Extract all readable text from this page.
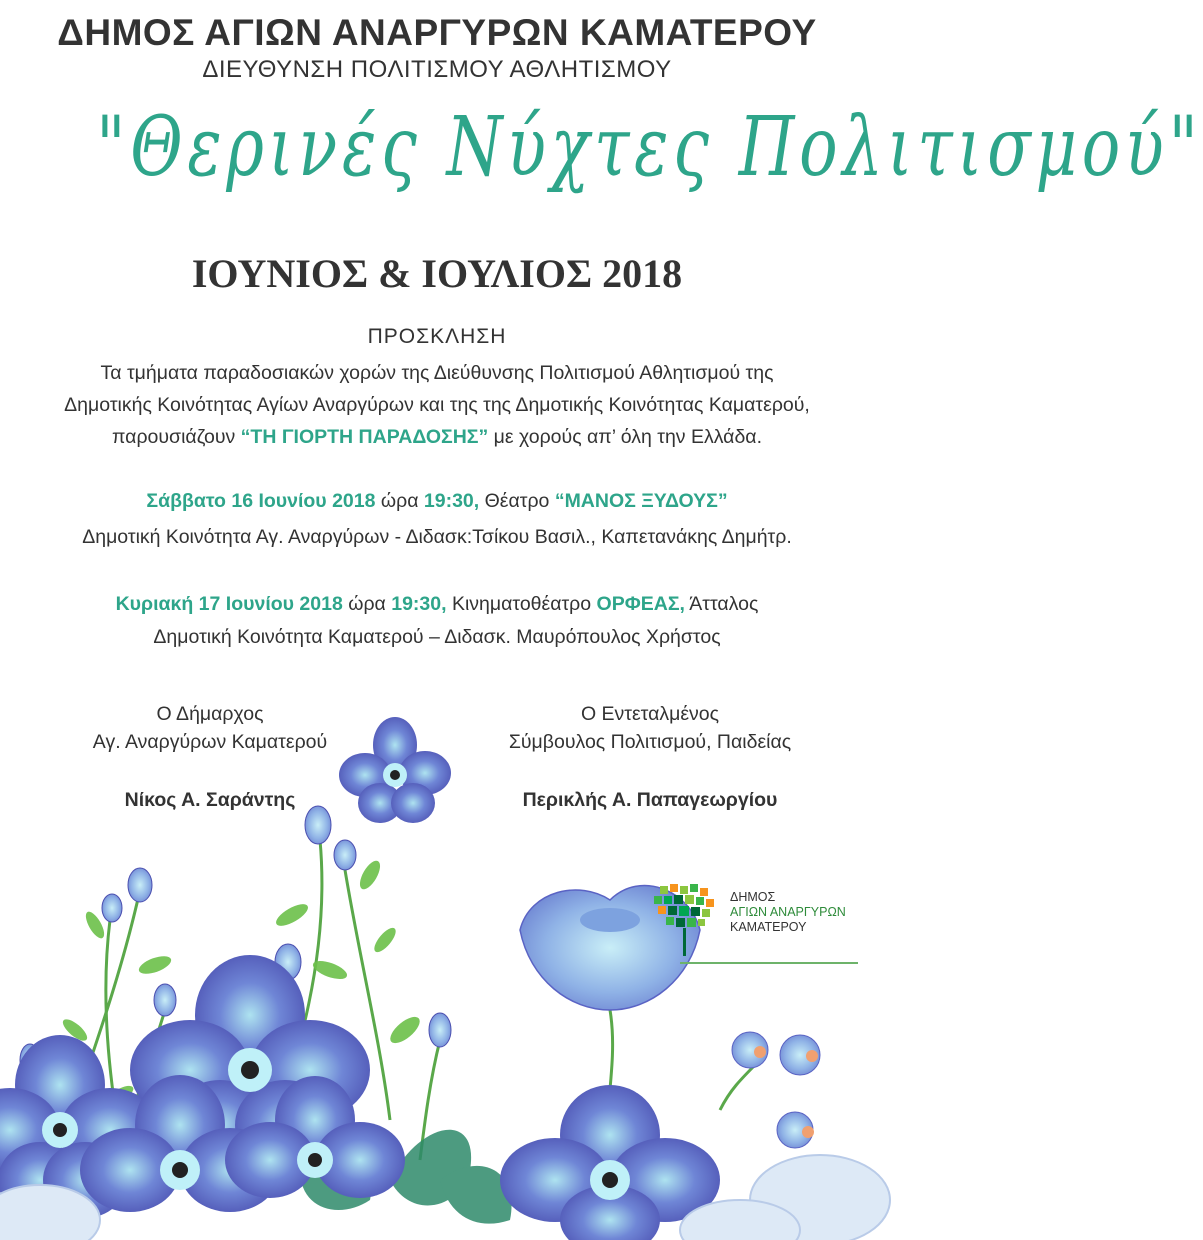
ΔΗΜΟΣ ΑΓΙΩΝ ΑΝΑΡΓΥΡΩΝ ΚΑΜΑΤΕΡΟΥ
ΔΙΕΥΘΥΝΣΗ ΠΟΛΙΤΙΣΜΟΥ ΑΘΛΗΤΙΣΜΟΥ
"Θερινές Νύχτες Πολιτισμού"
ΙΟΥΝΙΟΣ & ΙΟΥΛΙΟΣ 2018
ΠΡΟΣΚΛΗΣΗ
Τα τμήματα παραδοσιακών χορών της Διεύθυνσης Πολιτισμού Αθλητισμού της
Δημοτικής Κοινότητας Αγίων Αναργύρων και της της Δημοτικής Κοινότητας Καματερού,
παρουσιάζουν “ΤΗ ΓΙΟΡΤΗ ΠΑΡΑΔΟΣΗΣ” με χορούς απ’ όλη την Ελλάδα.
Σάββατο 16 Ιουνίου 2018 ώρα 19:30, Θέατρο “ΜΑΝΟΣ ΞΥΔΟΥΣ”
Δημοτική Κοινότητα Αγ. Αναργύρων - Διδασκ:Τσίκου Βασιλ., Καπετανάκης Δημήτρ.
Κυριακή 17 Ιουνίου 2018 ώρα 19:30, Κινηματοθέατρο ΟΡΦΕΑΣ, Άτταλος
Δημοτική Κοινότητα Καματερού – Διδασκ. Μαυρόπουλος Χρήστος
Ο Δήμαρχος
Αγ. Αναργύρων Καματερού
Νίκος Α. Σαράντης
Ο Εντεταλμένος
Σύμβουλος Πολιτισμού, Παιδείας
Περικλής Α. Παπαγεωργίου
ΔΗΜΟΣ
ΑΓΙΩΝ ΑΝΑΡΓΥΡΩΝ
ΚΑΜΑΤΕΡΟΥ
